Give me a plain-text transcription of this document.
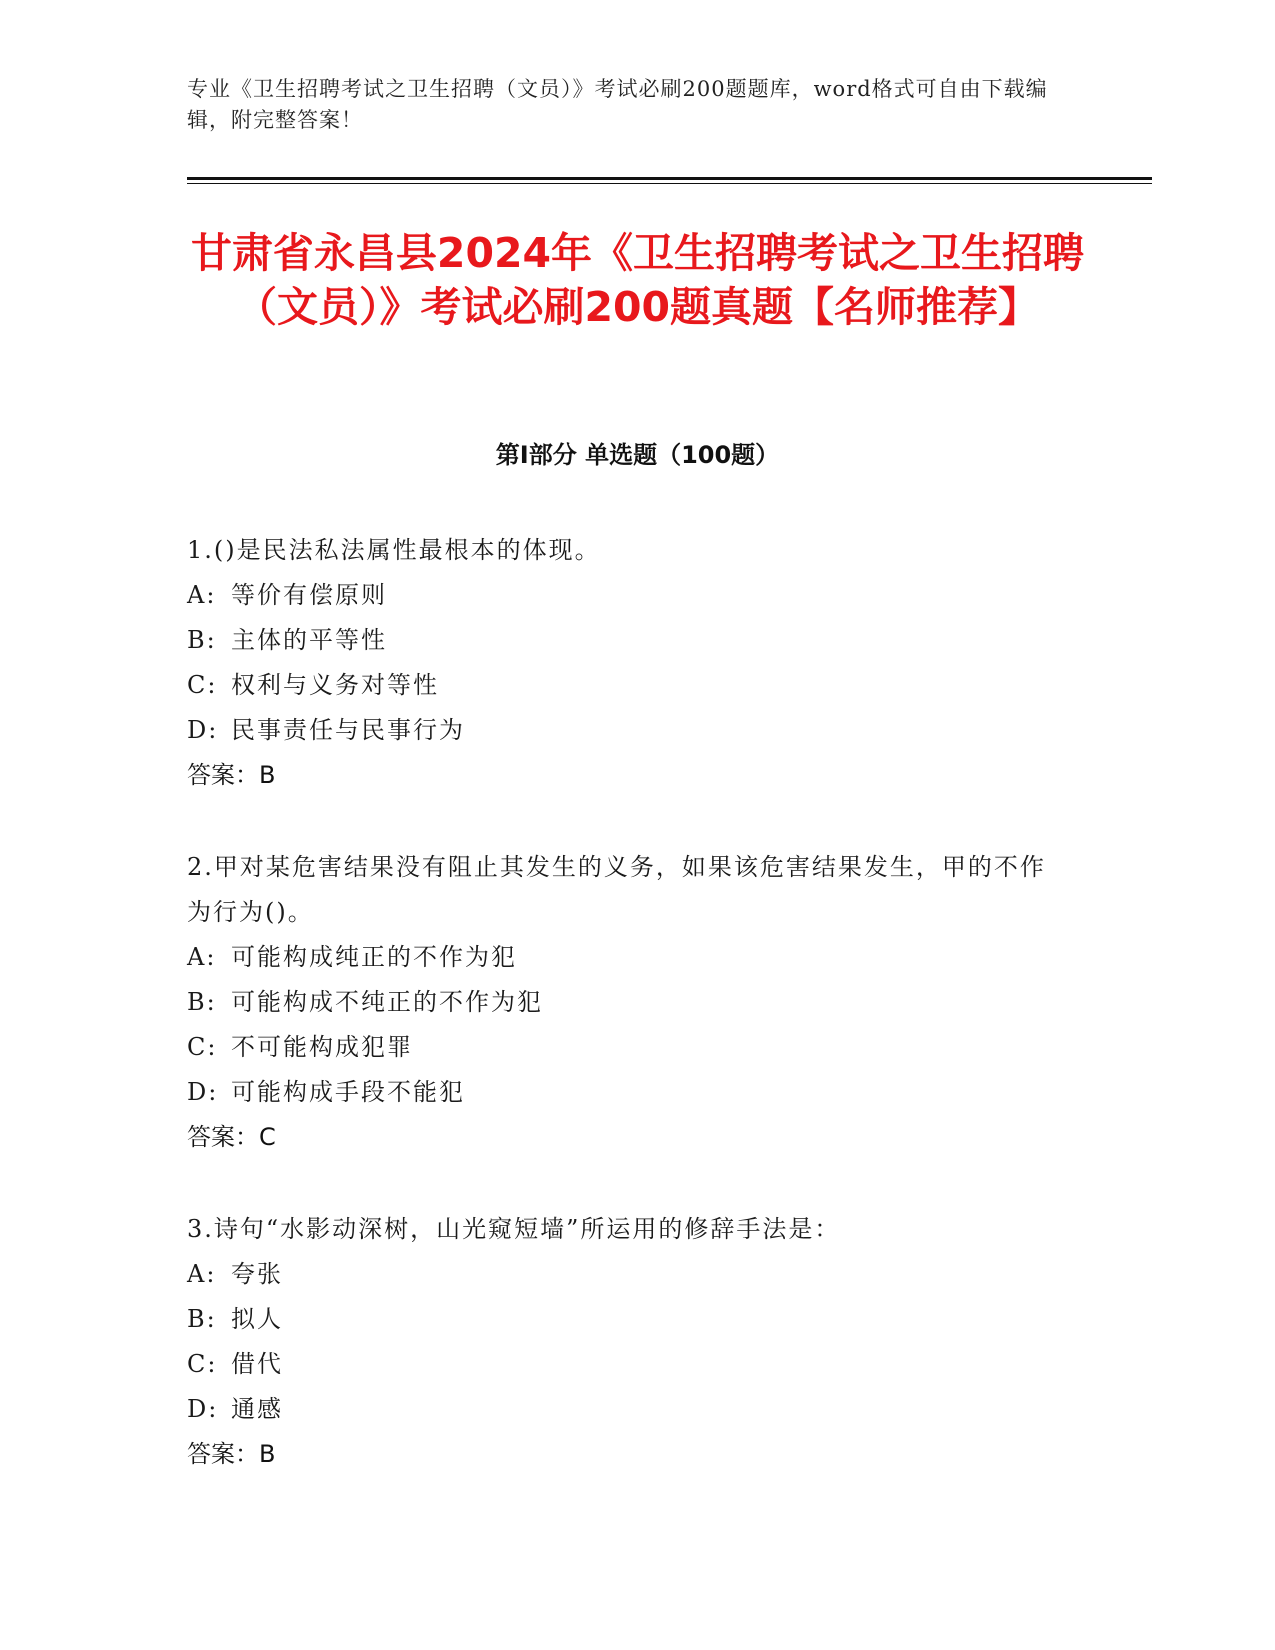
专业《卫生招聘考试之卫生招聘（文员）》考试必刷200题题库，word格式可自由下载编辑，附完整答案！
甘肃省永昌县2024年《卫生招聘考试之卫生招聘（文员）》考试必刷200题真题【名师推荐】
第I部分 单选题（100题）

1.()是民法私法属性最根本的体现。

A: 等价有偿原则

B: 主体的平等性

C: 权利与义务对等性

D: 民事责任与民事行为

答案：B

2.甲对某危害结果没有阻止其发生的义务，如果该危害结果发生，甲的不作为行为()。

A: 可能构成纯正的不作为犯

B: 可能构成不纯正的不作为犯

C: 不可能构成犯罪

D: 可能构成手段不能犯

答案：C

3.诗句“水影动深树，山光窥短墙”所运用的修辞手法是：

A: 夸张

B: 拟人

C: 借代

D: 通感

答案：B
